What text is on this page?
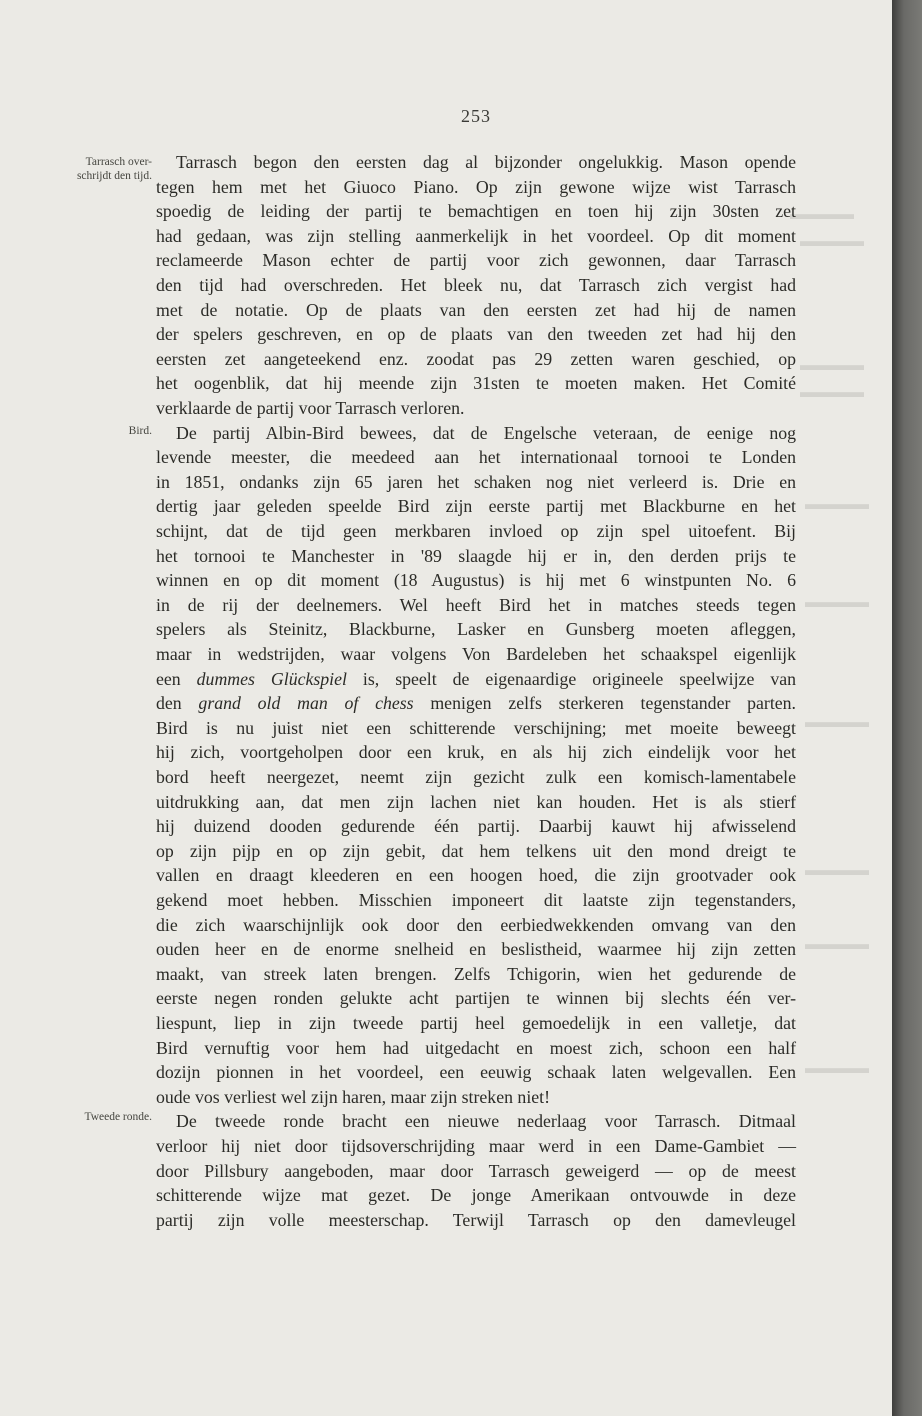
▬▬▬▬
▬▬▬▬
▬▬▬▬
▬▬▬▬
▬▬▬▬
▬▬▬▬
▬▬▬▬
▬▬▬▬
▬▬▬▬
▬▬▬▬
253
Tarrasch over-
schrijdt den tijd.
Bird.
Tweede ronde.
Tarrasch begon den eersten dag al bijzonder ongelukkig. Mason opende
tegen hem met het Giuoco Piano. Op zijn gewone wijze wist Tarrasch
spoedig de leiding der partij te bemachtigen en toen hij zijn 30sten zet
had gedaan, was zijn stelling aanmerkelijk in het voordeel. Op dit moment
reclameerde Mason echter de partij voor zich gewonnen, daar Tarrasch
den tijd had overschreden. Het bleek nu, dat Tarrasch zich vergist had
met de notatie. Op de plaats van den eersten zet had hij de namen
der spelers geschreven, en op de plaats van den tweeden zet had hij den
eersten zet aangeteekend enz. zoodat pas 29 zetten waren geschied, op
het oogenblik, dat hij meende zijn 31sten te moeten maken. Het Comité
verklaarde de partij voor Tarrasch verloren.
De partij Albin-Bird bewees, dat de Engelsche veteraan, de eenige nog
levende meester, die meedeed aan het internationaal tornooi te Londen
in 1851, ondanks zijn 65 jaren het schaken nog niet verleerd is. Drie en
dertig jaar geleden speelde Bird zijn eerste partij met Blackburne en het
schijnt, dat de tijd geen merkbaren invloed op zijn spel uitoefent. Bij
het tornooi te Manchester in '89 slaagde hij er in, den derden prijs te
winnen en op dit moment (18 Augustus) is hij met 6 winstpunten No. 6
in de rij der deelnemers. Wel heeft Bird het in matches steeds tegen
spelers als Steinitz, Blackburne, Lasker en Gunsberg moeten afleggen,
maar in wedstrijden, waar volgens Von Bardeleben het schaakspel eigenlijk
een dummes Glückspiel is, speelt de eigenaardige origineele speelwijze van
den grand old man of chess menigen zelfs sterkeren tegenstander parten.
Bird is nu juist niet een schitterende verschijning; met moeite beweegt
hij zich, voortgeholpen door een kruk, en als hij zich eindelijk voor het
bord heeft neergezet, neemt zijn gezicht zulk een komisch-lamentabele
uitdrukking aan, dat men zijn lachen niet kan houden. Het is als stierf
hij duizend dooden gedurende één partij. Daarbij kauwt hij afwisselend
op zijn pijp en op zijn gebit, dat hem telkens uit den mond dreigt te
vallen en draagt kleederen en een hoogen hoed, die zijn grootvader ook
gekend moet hebben. Misschien imponeert dit laatste zijn tegenstanders,
die zich waarschijnlijk ook door den eerbiedwekkenden omvang van den
ouden heer en de enorme snelheid en beslistheid, waarmee hij zijn zetten
maakt, van streek laten brengen. Zelfs Tchigorin, wien het gedurende de
eerste negen ronden gelukte acht partijen te winnen bij slechts één ver-
liespunt, liep in zijn tweede partij heel gemoedelijk in een valletje, dat
Bird vernuftig voor hem had uitgedacht en moest zich, schoon een half
dozijn pionnen in het voordeel, een eeuwig schaak laten welgevallen. Een
oude vos verliest wel zijn haren, maar zijn streken niet!
De tweede ronde bracht een nieuwe nederlaag voor Tarrasch. Ditmaal
verloor hij niet door tijdsoverschrijding maar werd in een Dame-Gambiet —
door Pillsbury aangeboden, maar door Tarrasch geweigerd — op de meest
schitterende wijze mat gezet. De jonge Amerikaan ontvouwde in deze
partij zijn volle meesterschap. Terwijl Tarrasch op den damevleugel
